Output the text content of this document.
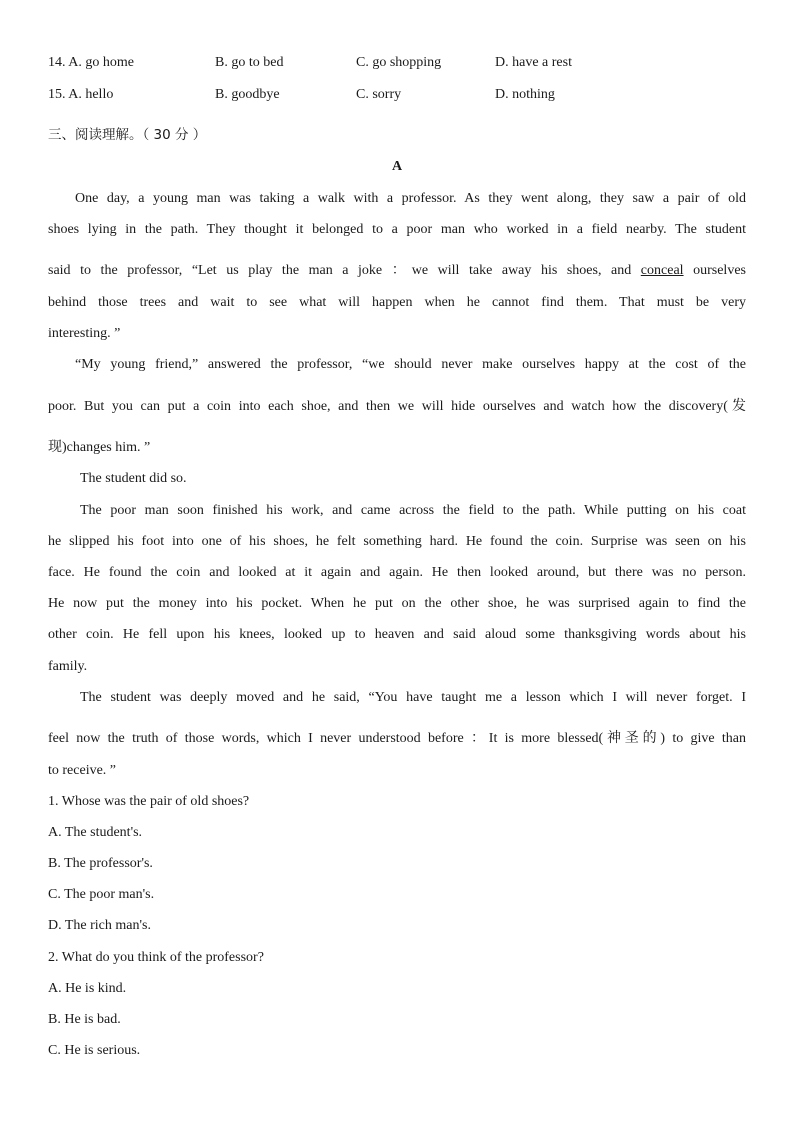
14. A. go home	B. go to bed	C. go shopping	D. have a rest
15. A. hello	B. goodbye	C. sorry	D. nothing
三、阅读理解。（ 30 分 ）
A
One day, a young man was taking a walk with a professor. As they went along, they saw a pair of old
shoes lying in the path. They thought it belonged to a poor man who worked in a field nearby. The student
said to the professor, “Let us play the man a joke ：we will take away his shoes, and conceal ourselves
behind those trees and wait to see what will happen when he cannot find them. That must be very
interesting. ”
“My young friend,” answered the professor, “we should never make ourselves happy at the cost of the
poor. But you can put a coin into each shoe, and then we will hide ourselves and watch how the discovery(发
现)changes him. ”
The student did so.
The poor man soon finished his work, and came across the field to the path. While putting on his coat
he slipped his foot into one of his shoes, he felt something hard. He found the coin. Surprise was seen on his
face. He found the coin and looked at it again and again. He then looked around, but there was no person.
He now put the money into his pocket. When he put on the other shoe, he was surprised again to find the
other coin. He fell upon his knees, looked up to heaven and said aloud some thanksgiving words about his
family.
The student was deeply moved and he said, “You have taught me a lesson which I will never forget. I
feel now the truth of those words, which I never understood before ：It is more blessed(神圣的) to give than
to receive. ”
1. Whose was the pair of old shoes?
A. The student's.
B. The professor's.
C. The poor man's.
D. The rich man's.
2. What do you think of the professor?
A. He is kind.
B. He is bad.
C. He is serious.
